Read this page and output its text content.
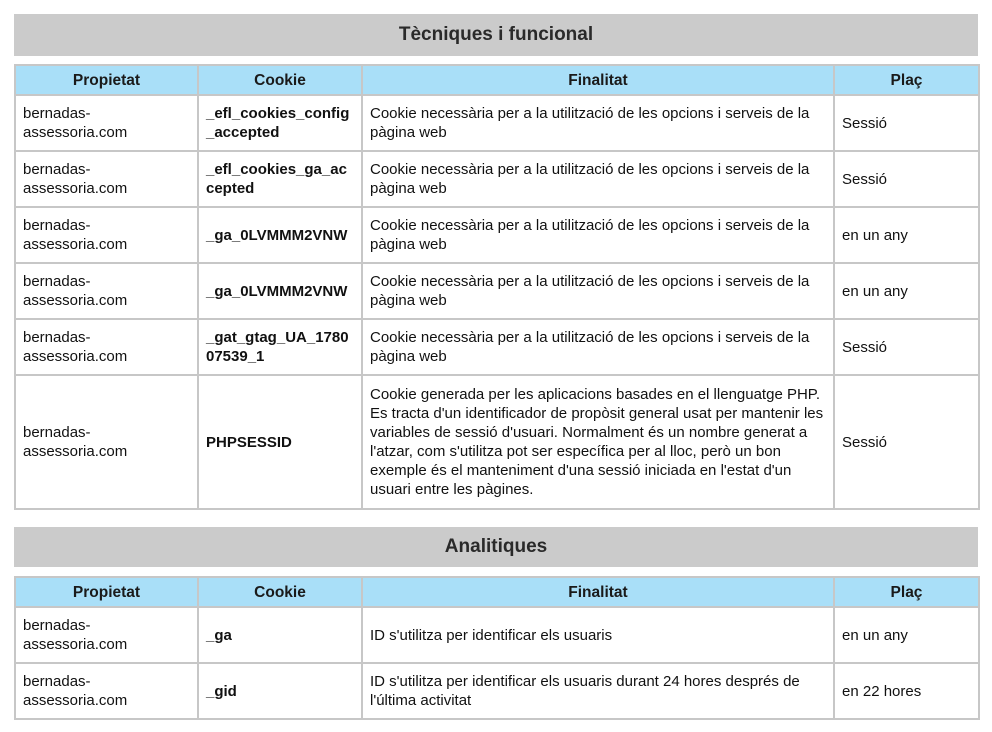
Tècniques i funcional
Propietat	Cookie	Finalitat	Plaç
bernadas-assessoria.com	_efl_cookies_config_accepted	Cookie necessària per a la utilització de les opcions i serveis de la pàgina web	Sessió
bernadas-assessoria.com	_efl_cookies_ga_accepted	Cookie necessària per a la utilització de les opcions i serveis de la pàgina web	Sessió
bernadas-assessoria.com	_ga_0LVMMM2VNW	Cookie necessària per a la utilització de les opcions i serveis de la pàgina web	en un any
bernadas-assessoria.com	_ga_0LVMMM2VNW	Cookie necessària per a la utilització de les opcions i serveis de la pàgina web	en un any
bernadas-assessoria.com	_gat_gtag_UA_178007539_1	Cookie necessària per a la utilització de les opcions i serveis de la pàgina web	Sessió
bernadas-assessoria.com	PHPSESSID	Cookie generada per les aplicacions basades en el llenguatge PHP. Es tracta d'un identificador de propòsit general usat per mantenir les variables de sessió d'usuari. Normalment és un nombre generat a l'atzar, com s'utilitza pot ser específica per al lloc, però un bon exemple és el manteniment d'una sessió iniciada en l'estat d'un usuari entre les pàgines.	Sessió
Analitiques
Propietat	Cookie	Finalitat	Plaç
bernadas-assessoria.com	_ga	ID s'utilitza per identificar els usuaris	en un any
bernadas-assessoria.com	_gid	ID s'utilitza per identificar els usuaris durant 24 hores després de l'última activitat	en 22 hores
